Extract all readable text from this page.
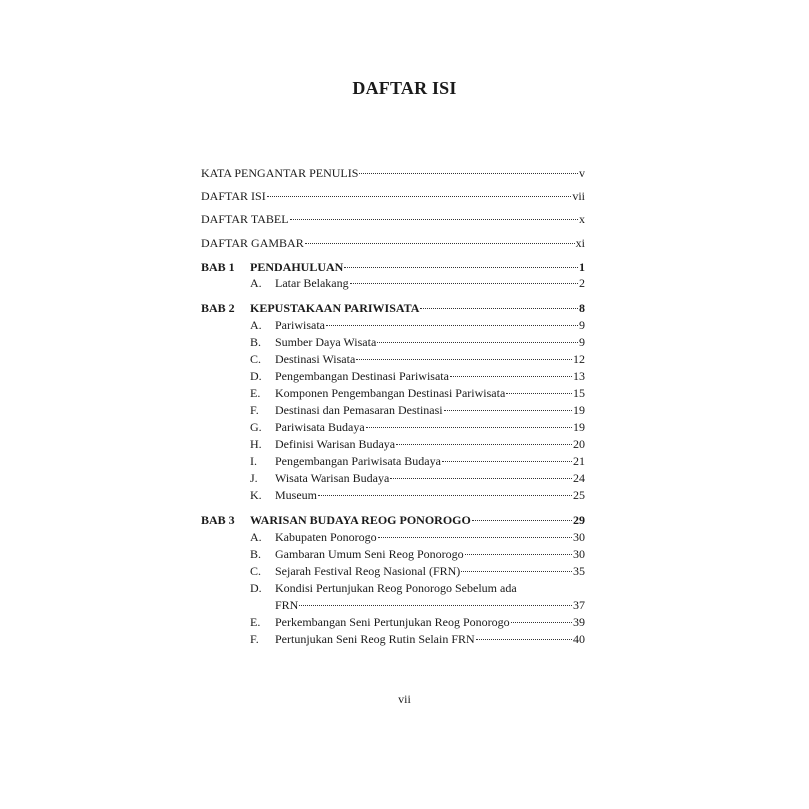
DAFTAR ISI
KATA PENGANTAR PENULIS	v
DAFTAR ISI	vii
DAFTAR TABEL	x
DAFTAR GAMBAR	xi
BAB 1	PENDAHULUAN	1
A.	Latar Belakang	2
BAB 2	KEPUSTAKAAN PARIWISATA	8
A.	Pariwisata	9
B.	Sumber Daya Wisata	9
C.	Destinasi Wisata	12
D.	Pengembangan Destinasi Pariwisata	13
E.	Komponen Pengembangan Destinasi Pariwisata	15
F.	Destinasi dan Pemasaran Destinasi	19
G.	Pariwisata Budaya	19
H.	Definisi Warisan Budaya	20
I.	Pengembangan Pariwisata Budaya	21
J.	Wisata Warisan Budaya	24
K.	Museum	25
BAB 3	WARISAN BUDAYA REOG PONOROGO	29
A.	Kabupaten Ponorogo	30
B.	Gambaran Umum Seni Reog Ponorogo	30
C.	Sejarah Festival Reog Nasional (FRN)	35
D.	Kondisi Pertunjukan Reog Ponorogo Sebelum ada
FRN	37
E.	Perkembangan Seni Pertunjukan Reog Ponorogo	39
F.	Pertunjukan Seni Reog Rutin Selain FRN	40
vii
